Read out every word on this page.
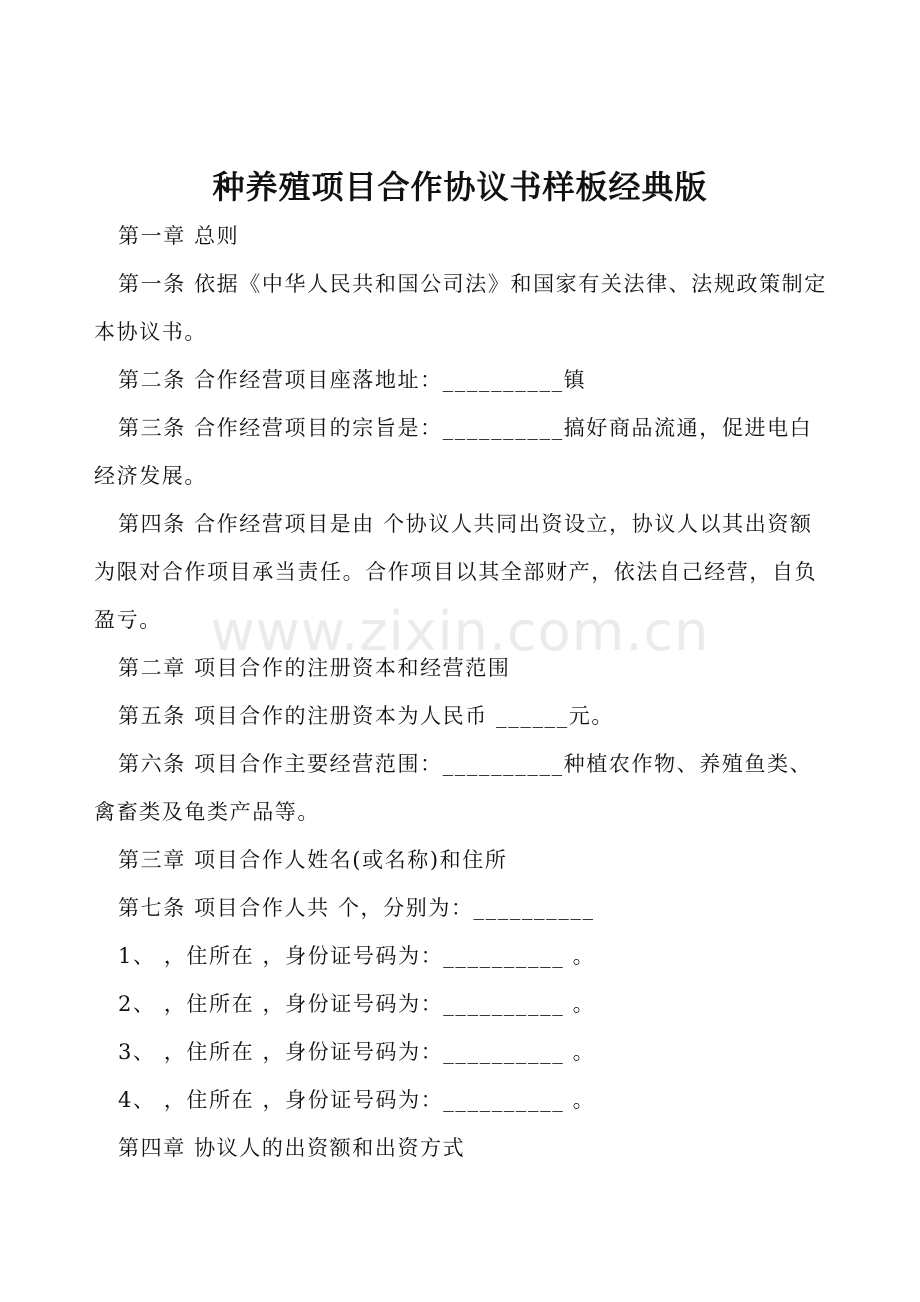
种养殖项目合作协议书样板经典版

第一章 总则

第一条 依据《中华人民共和国公司法》和国家有关法律、法规政策制定本协议书。

第二条 合作经营项目座落地址：__________镇

第三条 合作经营项目的宗旨是：__________搞好商品流通，促进电白经济发展。

第四条 合作经营项目是由 个协议人共同出资设立，协议人以其出资额为限对合作项目承当责任。合作项目以其全部财产，依法自己经营，自负盈亏。

第二章 项目合作的注册资本和经营范围

第五条 项目合作的注册资本为人民币 ______元。

第六条 项目合作主要经营范围：__________种植农作物、养殖鱼类、禽畜类及龟类产品等。

第三章 项目合作人姓名(或名称)和住所

第七条 项目合作人共 个，分别为：__________

1、 ，住所在 ，身份证号码为：__________ 。

2、 ，住所在 ，身份证号码为：__________ 。

3、 ，住所在 ，身份证号码为：__________ 。

4、 ，住所在 ，身份证号码为：__________ 。

第四章 协议人的出资额和出资方式

www.zixin.com.cn
